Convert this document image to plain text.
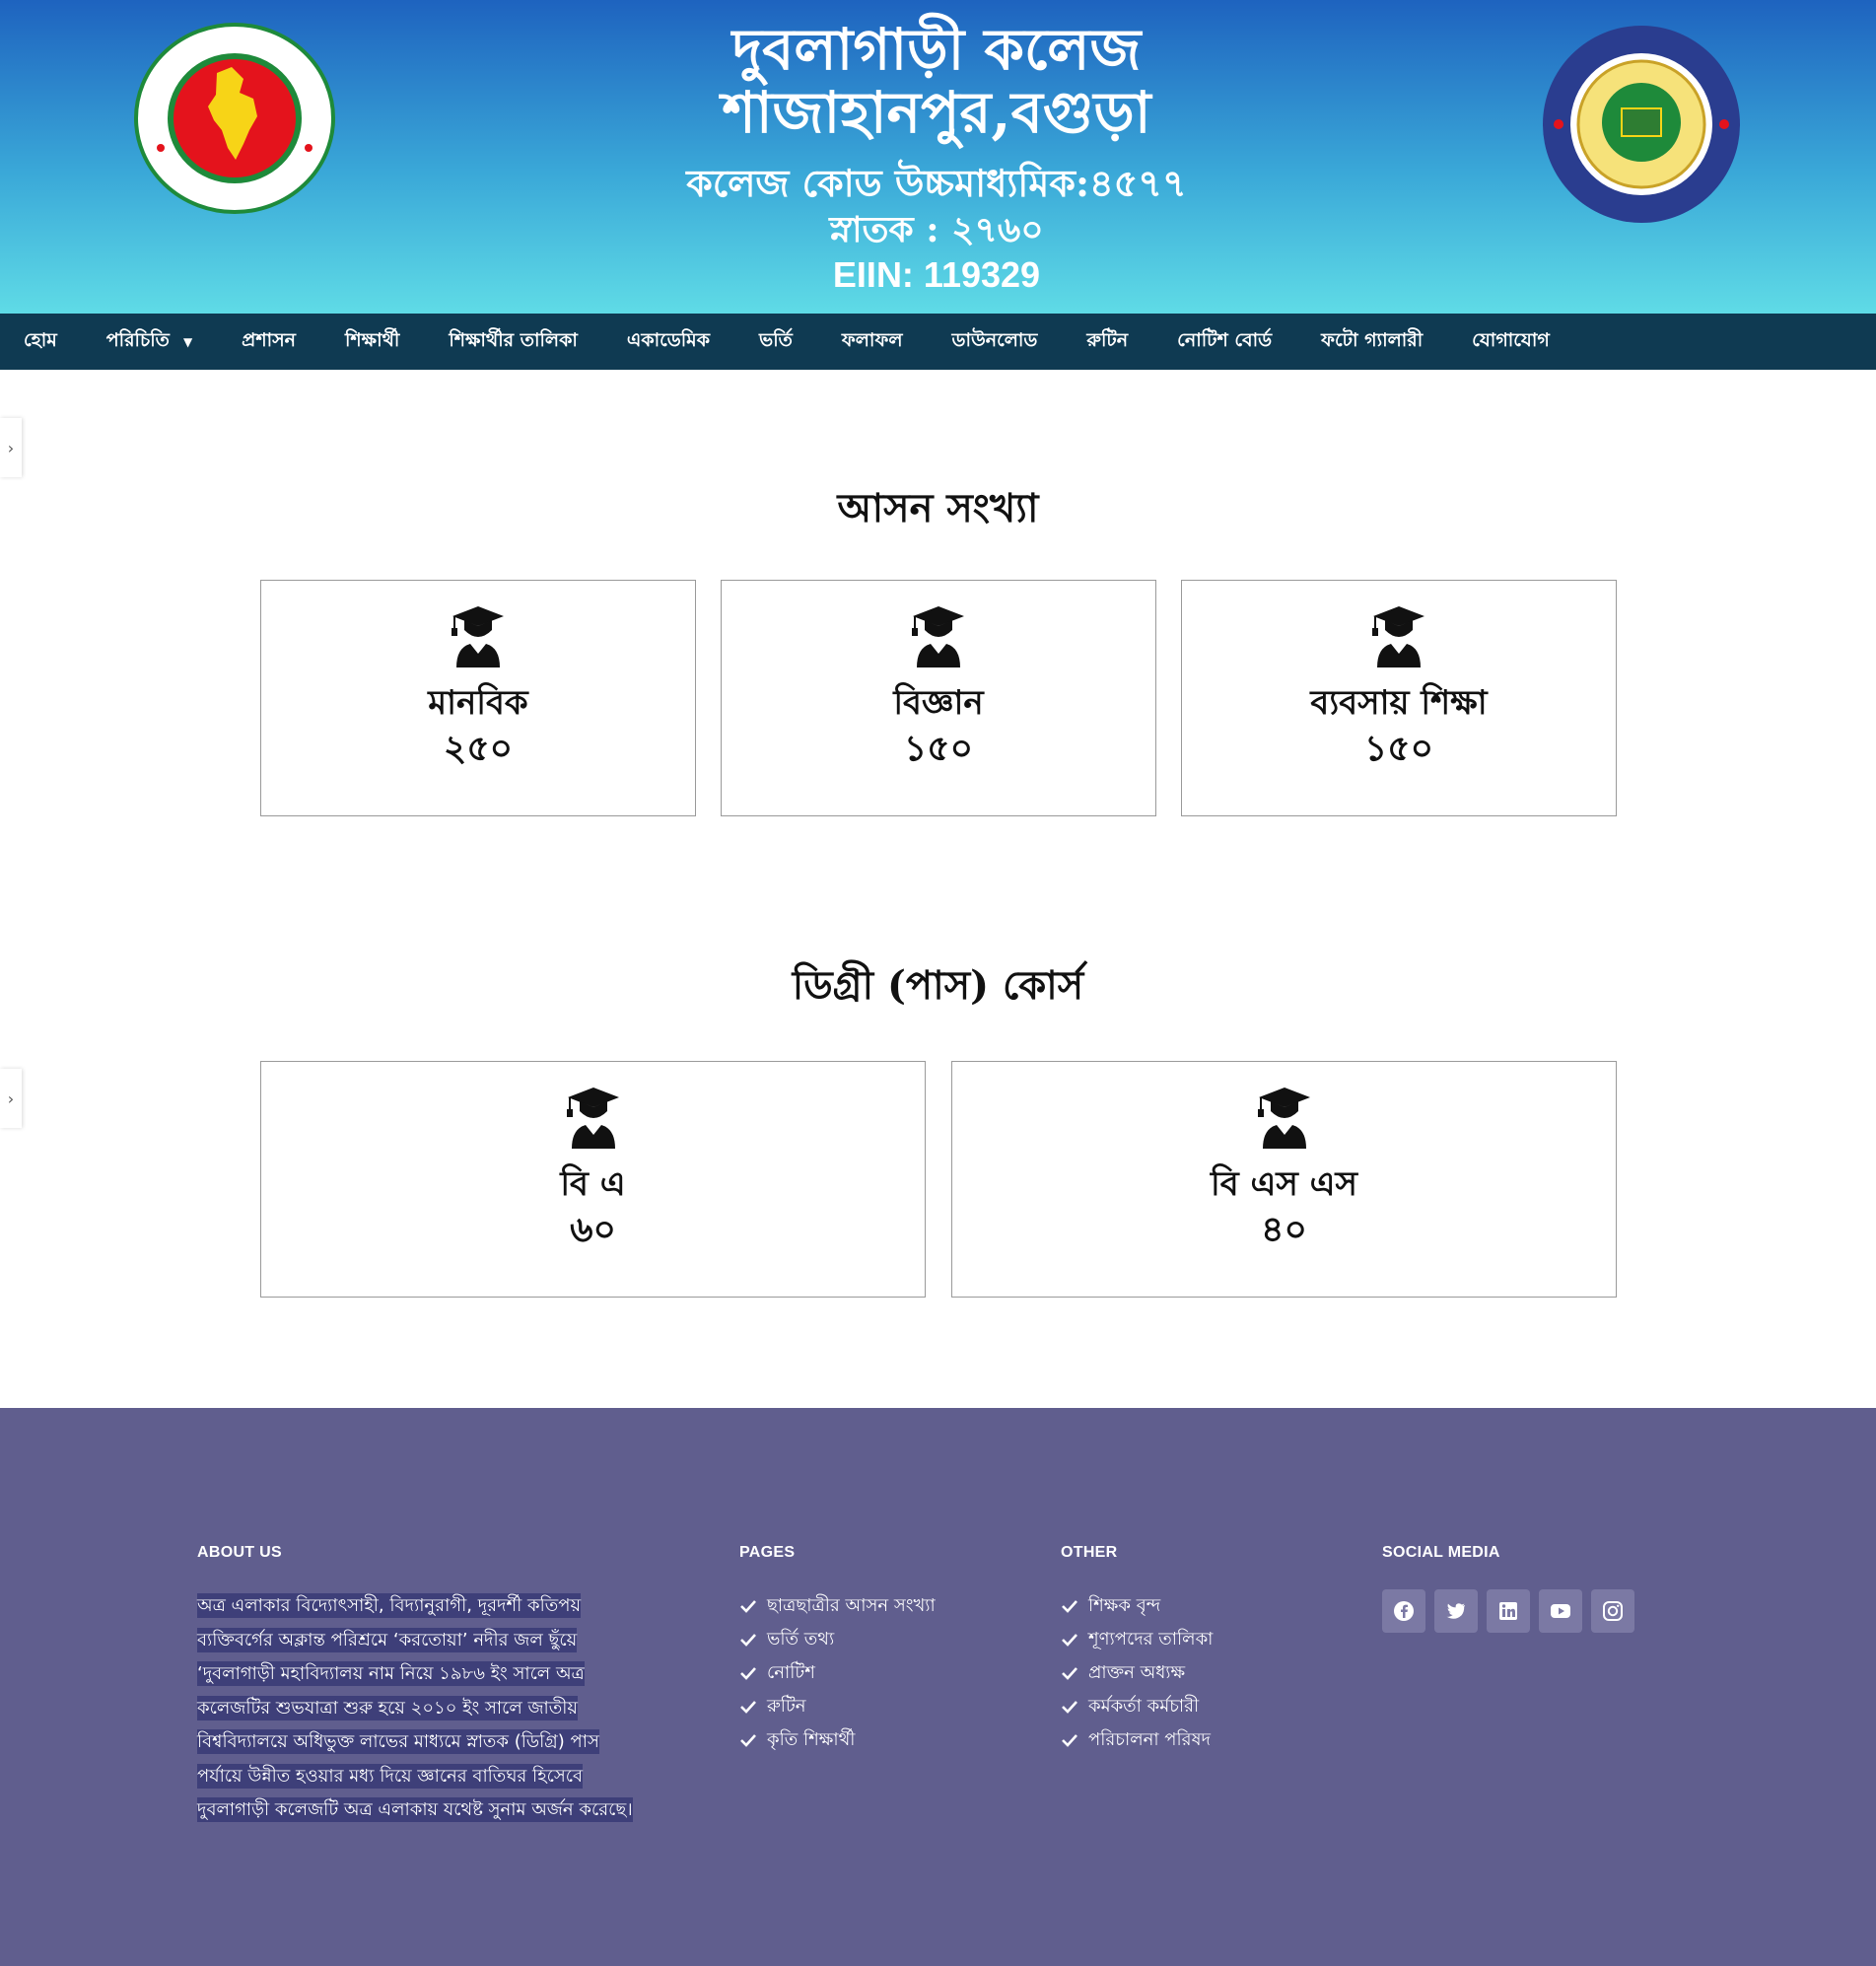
দুবলাগাড়ী কলেজ
শাজাহানপুর,বগুড়া
কলেজ কোড উচ্চমাধ্যমিক:৪৫৭৭
স্নাতক : ২৭৬০
EIIN: 119329
হোম	পরিচিতি ▼	প্রশাসন	শিক্ষার্থী	শিক্ষার্থীর তালিকা	একাডেমিক	ভর্তি	ফলাফল	ডাউনলোড	রুটিন	নোটিশ বোর্ড	ফটো গ্যালারী	যোগাযোগ
›
›
আসন সংখ্যা
মানবিক
২৫০
বিজ্ঞান
১৫০
ব্যবসায় শিক্ষা
১৫০
ডিগ্রী (পাস) কোর্স
বি এ
৬০
বি এস এস
৪০
ABOUT US
অত্র এলাকার বিদ্যোৎসাহী, বিদ্যানুরাগী, দূরদর্শী কতিপয়
ব্যক্তিবর্গের অক্লান্ত পরিশ্রমে ‘করতোয়া’ নদীর জল ছুঁয়ে
‘দুবলাগাড়ী মহাবিদ্যালয় নাম নিয়ে ১৯৮৬ ইং সালে অত্র
কলেজটির শুভযাত্রা শুরু হয়ে ২০১০ ইং সালে জাতীয়
বিশ্ববিদ্যালয়ে অধিভুক্ত লাভের মাধ্যমে স্নাতক (ডিগ্রি) পাস
পর্যায়ে উন্নীত হওয়ার মধ্য দিয়ে জ্ঞানের বাতিঘর হিসেবে
দুবলাগাড়ী কলেজটি অত্র এলাকায় যথেষ্ট সুনাম অর্জন করেছে।

PAGES
ছাত্রছাত্রীর আসন সংখ্যা
ভর্তি তথ্য
নোটিশ
রুটিন
কৃতি শিক্ষার্থী
OTHER
শিক্ষক বৃন্দ
শূণ্যপদের তালিকা
প্রাক্তন অধ্যক্ষ
কর্মকর্তা কর্মচারী
পরিচালনা পরিষদ
SOCIAL MEDIA
